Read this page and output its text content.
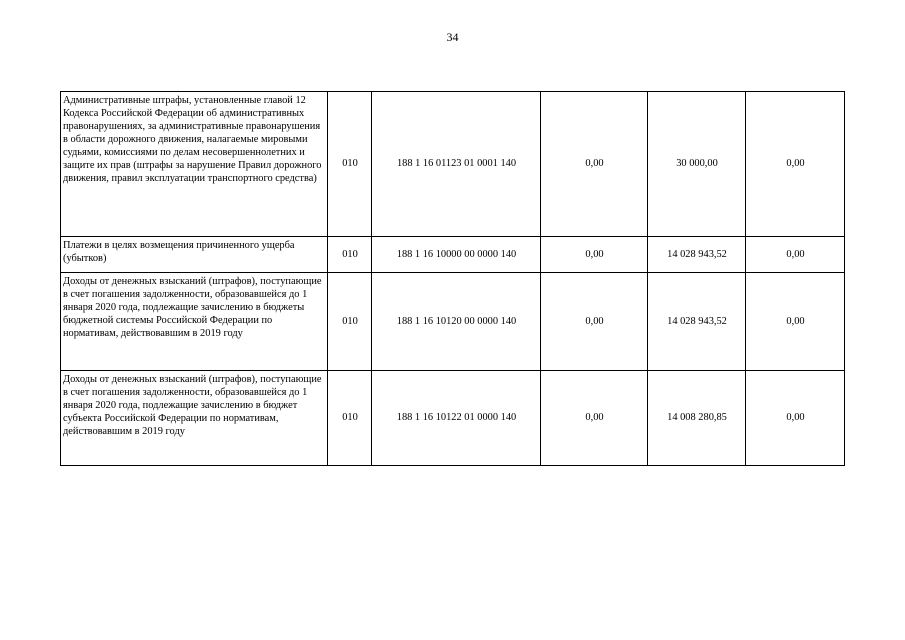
34
Административные штрафы, установленные главой 12 Кодекса Российской Федерации об административных правонарушениях, за административные правонарушения в области дорожного движения, налагаемые мировыми судьями, комиссиями по делам несовершеннолетних и защите их прав (штрафы за нарушение Правил дорожного движения, правил эксплуатации транспортного средства)	010	188 1 16 01123 01 0001 140	0,00	30 000,00	0,00
Платежи в целях возмещения причиненного ущерба (убытков)	010	188 1 16 10000 00 0000 140	0,00	14 028 943,52	0,00
Доходы от денежных взысканий (штрафов), поступающие в счет погашения задолженности, образовавшейся до 1 января 2020 года, подлежащие зачислению в бюджеты бюджетной системы Российской Федерации по нормативам, действовавшим в 2019 году	010	188 1 16 10120 00 0000 140	0,00	14 028 943,52	0,00
Доходы от денежных взысканий (штрафов), поступающие в счет погашения задолженности, образовавшейся до 1 января 2020 года, подлежащие зачислению в бюджет субъекта Российской Федерации по нормативам, действовавшим в 2019 году	010	188 1 16 10122 01 0000 140	0,00	14 008 280,85	0,00
